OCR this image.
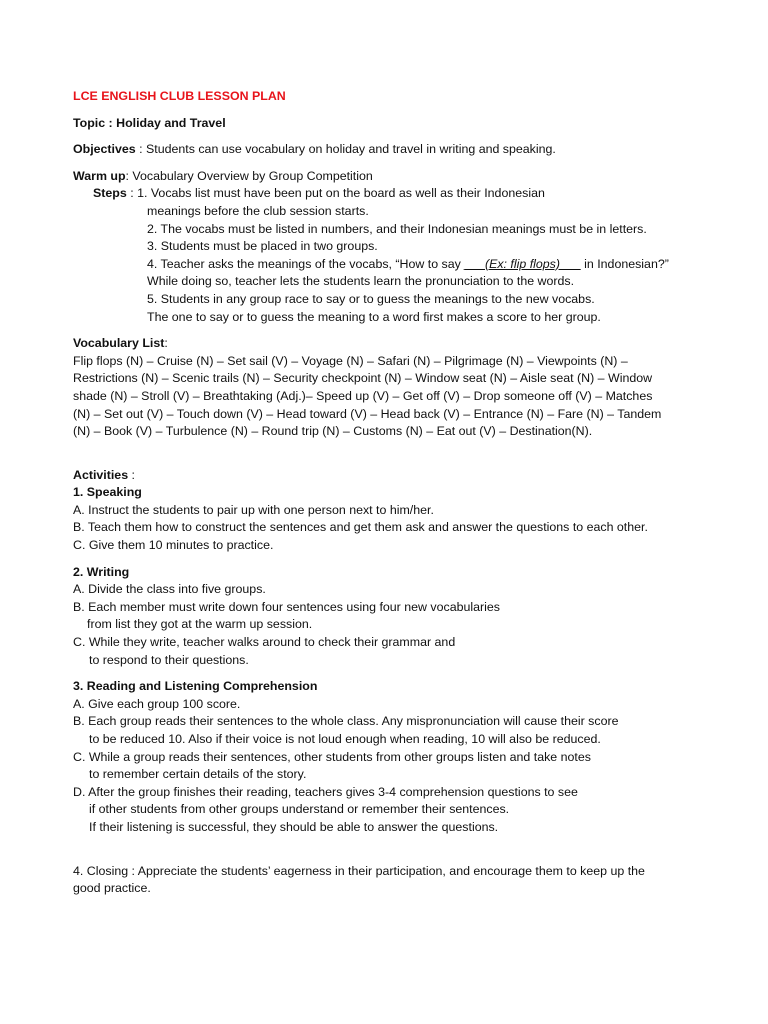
LCE ENGLISH CLUB LESSON PLAN
Topic : Holiday and Travel
Objectives : Students can use vocabulary on holiday and travel in writing and speaking.
Warm up: Vocabulary Overview by Group Competition
Steps : 1. Vocabs list must have been put on the board as well as their Indonesian
meanings before the club session starts.
2. The vocabs must be listed in numbers, and their Indonesian meanings must be in letters.
3. Students must be placed in two groups.
4. Teacher asks the meanings of the vocabs, “How to say ___(Ex: flip flops)___ in Indonesian?”
While doing so, teacher lets the students learn the pronunciation to the words.
5. Students in any group race to say or to guess the meanings to the new vocabs.
The one to say or to guess the meaning to a word first makes a score to her group.
Vocabulary List:
Flip flops (N) – Cruise (N) – Set sail (V) – Voyage (N) – Safari (N) – Pilgrimage (N) – Viewpoints (N) –
Restrictions (N) – Scenic trails (N) – Security checkpoint (N) – Window seat (N) – Aisle seat (N) – Window
shade (N) – Stroll (V) – Breathtaking (Adj.)– Speed up (V) – Get off (V) – Drop someone off (V) – Matches
(N) – Set out (V) – Touch down (V) – Head toward (V) – Head back (V) – Entrance (N) – Fare (N) – Tandem
(N) – Book (V) – Turbulence (N) – Round trip (N) – Customs (N) – Eat out (V) – Destination(N).
Activities :
1. Speaking
A. Instruct the students to pair up with one person next to him/her.
B. Teach them how to construct the sentences and get them ask and answer the questions to each other.
C. Give them 10 minutes to practice.
2. Writing
A. Divide the class into five groups.
B. Each member must write down four sentences using four new vocabularies
from list they got at the warm up session.
C. While they write, teacher walks around to check their grammar and
to respond to their questions.
3. Reading and Listening Comprehension
A. Give each group 100 score.
B. Each group reads their sentences to the whole class. Any mispronunciation will cause their score
to be reduced 10. Also if their voice is not loud enough when reading, 10 will also be reduced.
C. While a group reads their sentences, other students from other groups listen and take notes
to remember certain details of the story.
D. After the group finishes their reading, teachers gives 3-4 comprehension questions to see
if other students from other groups understand or remember their sentences.
If their listening is successful, they should be able to answer the questions.
4. Closing : Appreciate the students’ eagerness in their participation, and encourage them to keep up the
good practice.
